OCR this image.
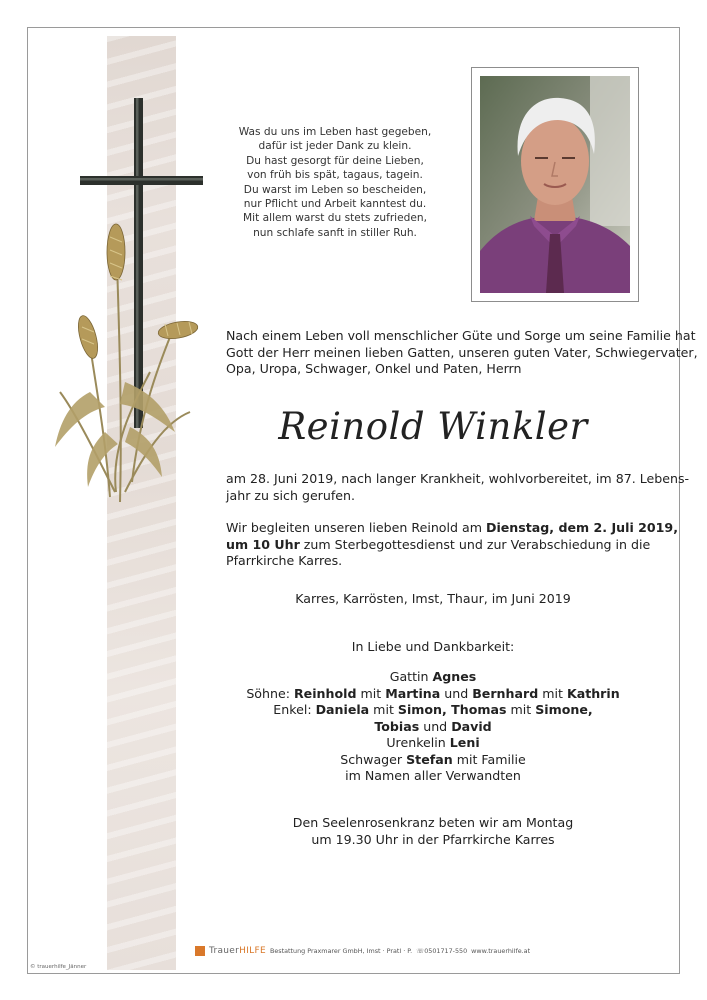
Was du uns im Leben hast gegeben,
dafür ist jeder Dank zu klein.
Du hast gesorgt für deine Lieben,
von früh bis spät, tagaus, tagein.
Du warst im Leben so bescheiden,
nur Pflicht und Arbeit kanntest du.
Mit allem warst du stets zufrieden,
nun schlafe sanft in stiller Ruh.
Nach einem Leben voll menschlicher Güte und Sorge um seine Familie hat
Gott der Herr meinen lieben Gatten, unseren guten Vater, Schwiegervater,
Opa, Uropa, Schwager, Onkel und Paten, Herrn
Reinold Winkler
am 28. Juni 2019, nach langer Krankheit, wohlvorbereitet, im 87. Lebens-
jahr zu sich gerufen.
Wir begleiten unseren lieben Reinold am Dienstag, dem 2. Juli 2019,
um 10 Uhr zum Sterbegottesdienst und zur Verabschiedung in die
Pfarrkirche Karres.
Karres, Karrösten, Imst, Thaur, im Juni 2019
In Liebe und Dankbarkeit:
Gattin Agnes
Söhne: Reinhold mit Martina und Bernhard mit Kathrin
Enkel: Daniela mit Simon, Thomas mit Simone,
Tobias und David
Urenkelin Leni
Schwager Stefan mit Familie
im Namen aller Verwandten
Den Seelenrosenkranz beten wir am Montag
um 19.30 Uhr in der Pfarrkirche Karres
TrauerHILFE Bestattung Praxmarer GmbH, Imst · Pratl · P. ☏0501717-550 www.trauerhilfe.at
© trauerhilfe_Jänner
